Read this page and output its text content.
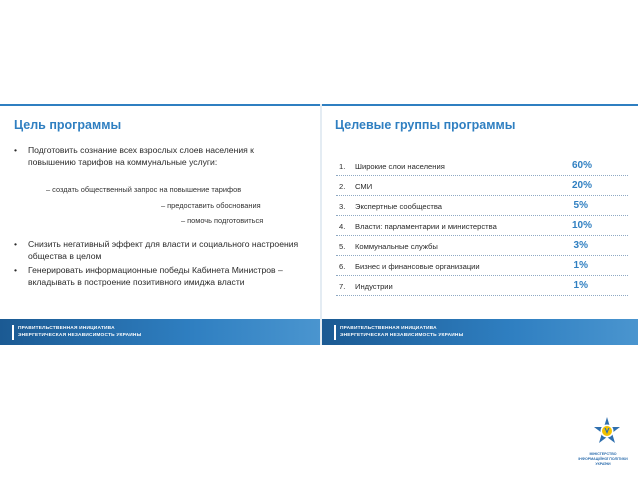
Цель программы
• Подготовить сознание всех взрослых слоев населения к повышению тарифов на коммунальные услуги:
– создать общественный запрос на повышение тарифов
– предоставить обоснования
– помочь подготовиться
• Снизить негативный эффект для власти и социального настроения общества в целом
• Генерировать информационные победы Кабинета Министров – вкладывать в построение позитивного имиджа власти
ПРАВИТЕЛЬСТВЕННАЯ ИНИЦИАТИВА
ЭНЕРГЕТИЧЕСКАЯ НЕЗАВИСИМОСТЬ УКРАИНЫ
Целевые группы программы
1. Широкие слои населения	60%
2. СМИ	20%
3. Экспертные сообщества	5%
4. Власти: парламентарии и министерства	10%
5. Коммунальные службы	3%
6. Бизнес и финансовые организации	1%
7. Индустрии	1%
ПРАВИТЕЛЬСТВЕННАЯ ИНИЦИАТИВА
ЭНЕРГЕТИЧЕСКАЯ НЕЗАВИСИМОСТЬ УКРАИНЫ
МІНІСТЕРСТВО
ІНФОРМАЦІЙНОЇ ПОЛІТИКИ
УКРАЇНИ
